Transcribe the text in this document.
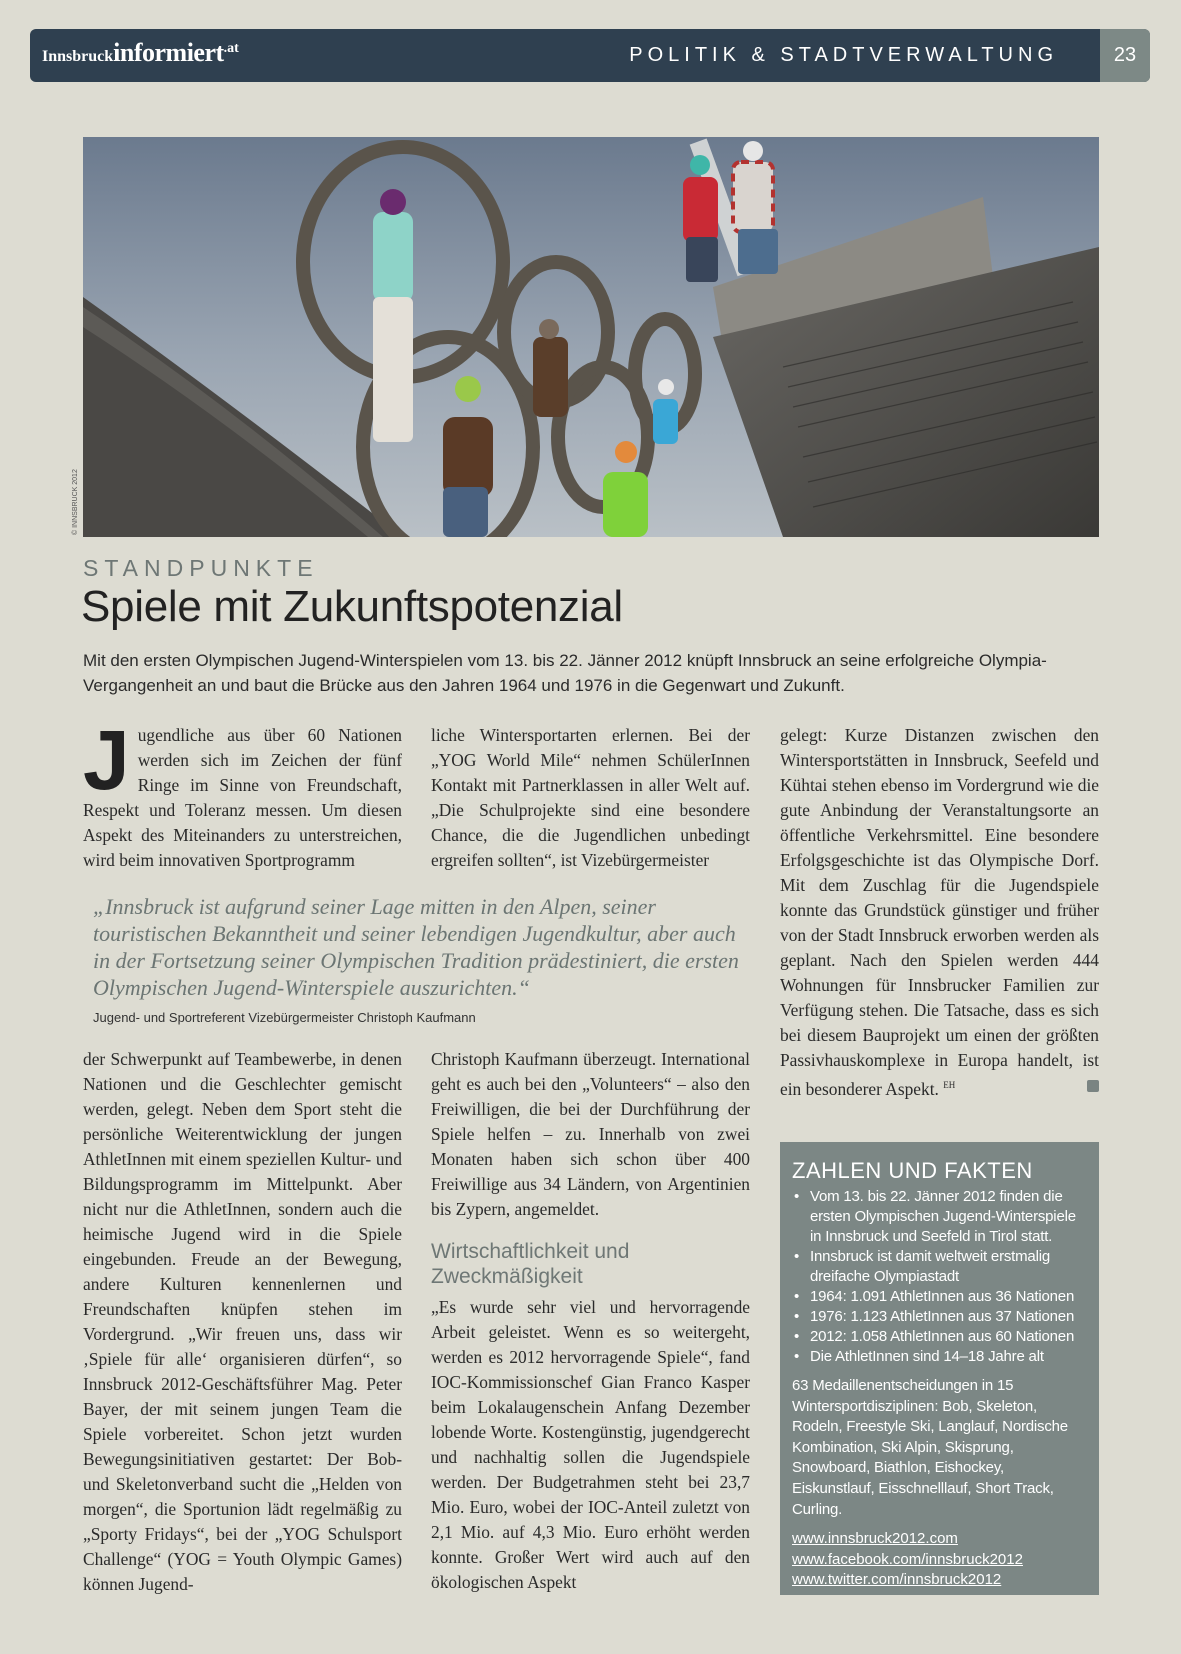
Innsbruckinformiert.at	POLITIK & STADTVERWALTUNG	23
© INNSBRUCK 2012
STANDPUNKTE
Spiele mit Zukunftspotenzial
Mit den ersten Olympischen Jugend-Winterspielen vom 13. bis 22. Jänner 2012 knüpft Innsbruck an seine erfolgreiche Olympia-Vergangenheit an und baut die Brücke aus den Jahren 1964 und 1976 in die Gegenwart und Zukunft.

Jugendliche aus über 60 Nationen werden sich im Zeichen der fünf Ringe im Sinne von Freundschaft, Respekt und Toleranz messen. Um diesen Aspekt des Miteinanders zu unterstreichen, wird beim innovativen Sportprogramm

liche Wintersportarten erlernen. Bei der „YOG World Mile“ nehmen SchülerInnen Kontakt mit Partnerklassen in aller Welt auf. „Die Schulprojekte sind eine besondere Chance, die die Jugendlichen unbedingt ergreifen sollten“, ist Vizebürgermeister

„Innsbruck ist aufgrund seiner Lage mitten in den Alpen, seiner touristischen Bekanntheit und seiner lebendigen Jugendkultur, aber auch in der Fortsetzung seiner Olympischen Tradition prädestiniert, die ersten Olympischen Jugend-Winterspiele auszurichten.“
Jugend- und Sportreferent Vizebürgermeister Christoph Kaufmann

der Schwerpunkt auf Teambewerbe, in denen Nationen und die Geschlechter gemischt werden, gelegt. Neben dem Sport steht die persönliche Weiterentwicklung der jungen AthletInnen mit einem speziellen Kultur- und Bildungsprogramm im Mittelpunkt. Aber nicht nur die AthletInnen, sondern auch die heimische Jugend wird in die Spiele eingebunden. Freude an der Bewegung, andere Kulturen kennenlernen und Freundschaften knüpfen stehen im Vordergrund. „Wir freuen uns, dass wir ‚Spiele für alle‘ organisieren dürfen“, so Innsbruck 2012-Geschäftsführer Mag. Peter Bayer, der mit seinem jungen Team die Spiele vorbereitet. Schon jetzt wurden Bewegungsinitiativen gestartet: Der Bob- und Skeletonverband sucht die „Helden von morgen“, die Sportunion lädt regelmäßig zu „Sporty Fridays“, bei der „YOG Schulsport Challenge“ (YOG = Youth Olympic Games) können Jugend-

Christoph Kaufmann überzeugt. International geht es auch bei den „Volunteers“ – also den Freiwilligen, die bei der Durchführung der Spiele helfen – zu. Innerhalb von zwei Monaten haben sich schon über 400 Freiwillige aus 34 Ländern, von Argentinien bis Zypern, angemeldet.

Wirtschaftlichkeit und Zweckmäßigkeit

„Es wurde sehr viel und hervorragende Arbeit geleistet. Wenn es so weitergeht, werden es 2012 hervorragende Spiele“, fand IOC-Kommissionschef Gian Franco Kasper beim Lokalaugenschein Anfang Dezember lobende Worte. Kostengünstig, jugendgerecht und nachhaltig sollen die Jugendspiele werden. Der Budgetrahmen steht bei 23,7 Mio. Euro, wobei der IOC-Anteil zuletzt von 2,1 Mio. auf 4,3 Mio. Euro erhöht werden konnte. Großer Wert wird auch auf den ökologischen Aspekt

gelegt: Kurze Distanzen zwischen den Wintersportstätten in Innsbruck, Seefeld und Kühtai stehen ebenso im Vordergrund wie die gute Anbindung der Veranstaltungsorte an öffentliche Verkehrsmittel. Eine besondere Erfolgsgeschichte ist das Olympische Dorf. Mit dem Zuschlag für die Jugendspiele konnte das Grundstück günstiger und früher von der Stadt Innsbruck erworben werden als geplant. Nach den Spielen werden 444 Wohnungen für Innsbrucker Familien zur Verfügung stehen. Die Tatsache, dass es sich bei diesem Bauprojekt um einen der größten Passivhauskomplexe in Europa handelt, ist ein besonderer Aspekt. $^{EH}$

ZAHLEN UND FAKTEN
• Vom 13. bis 22. Jänner 2012 finden die ersten Olympischen Jugend-Winterspiele in Innsbruck und Seefeld in Tirol statt.
• Innsbruck ist damit weltweit erstmalig dreifache Olympiastadt
• 1964: 1.091 AthletInnen aus 36 Nationen
• 1976: 1.123 AthletInnen aus 37 Nationen
• 2012: 1.058 AthletInnen aus 60 Nationen
• Die AthletInnen sind 14–18 Jahre alt

63 Medaillenentscheidungen in 15 Wintersportdisziplinen: Bob, Skeleton, Rodeln, Freestyle Ski, Langlauf, Nordische Kombination, Ski Alpin, Skisprung, Snowboard, Biathlon, Eishockey, Eiskunstlauf, Eisschnelllauf, Short Track, Curling.

www.innsbruck2012.com
www.facebook.com/innsbruck2012
www.twitter.com/innsbruck2012
